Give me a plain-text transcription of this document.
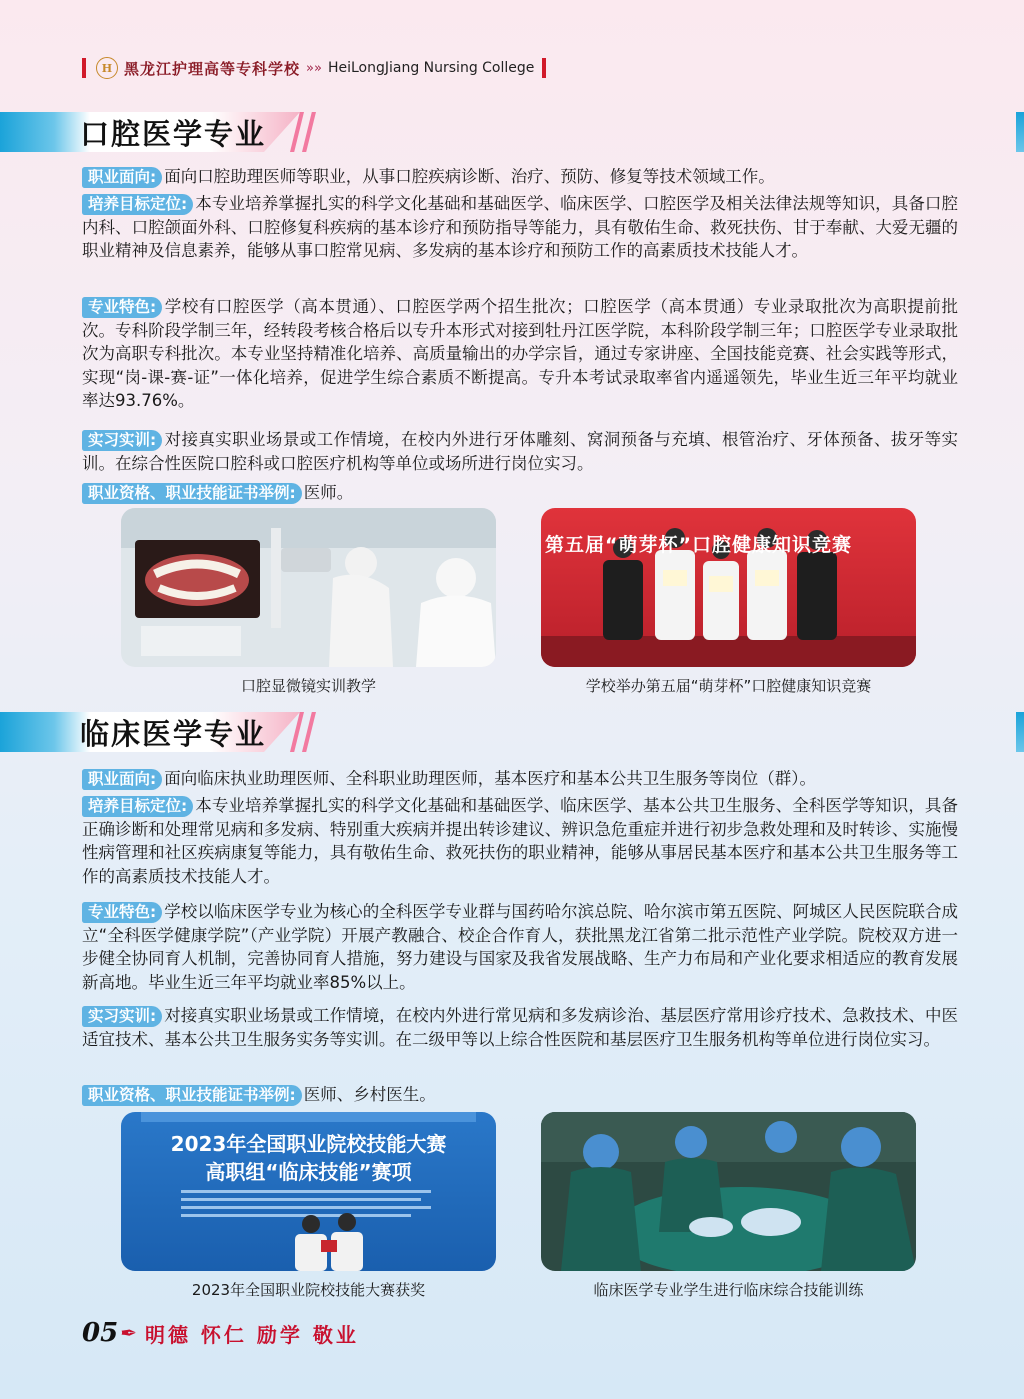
H 黑龙江护理高等专科学校 »» HeiLongJiang Nursing College
口腔医学专业
职业面向: 面向口腔助理医师等职业，从事口腔疾病诊断、治疗、预防、修复等技术领域工作。
培养目标定位: 本专业培养掌握扎实的科学文化基础和基础医学、临床医学、口腔医学及相关法律法规等知识，具备口腔内科、口腔颌面外科、口腔修复科疾病的基本诊疗和预防指导等能力，具有敬佑生命、救死扶伤、甘于奉献、大爱无疆的职业精神及信息素养，能够从事口腔常见病、多发病的基本诊疗和预防工作的高素质技术技能人才。
专业特色: 学校有口腔医学（高本贯通）、口腔医学两个招生批次；口腔医学（高本贯通）专业录取批次为高职提前批次。专科阶段学制三年，经转段考核合格后以专升本形式对接到牡丹江医学院，本科阶段学制三年；口腔医学专业录取批次为高职专科批次。本专业坚持精准化培养、高质量输出的办学宗旨，通过专家讲座、全国技能竞赛、社会实践等形式，实现“岗-课-赛-证”一体化培养，促进学生综合素质不断提高。专升本考试录取率省内遥遥领先，毕业生近三年平均就业率达93.76%。
实习实训: 对接真实职业场景或工作情境，在校内外进行牙体雕刻、窝洞预备与充填、根管治疗、牙体预备、拔牙等实训。在综合性医院口腔科或口腔医疗机构等单位或场所进行岗位实习。
职业资格、职业技能证书举例: 医师。
第五届“萌芽杯”口腔健康知识竞赛
口腔显微镜实训教学	学校举办第五届“萌芽杯”口腔健康知识竞赛
临床医学专业
职业面向: 面向临床执业助理医师、全科职业助理医师，基本医疗和基本公共卫生服务等岗位（群）。
培养目标定位: 本专业培养掌握扎实的科学文化基础和基础医学、临床医学、基本公共卫生服务、全科医学等知识，具备正确诊断和处理常见病和多发病、特别重大疾病并提出转诊建议、辨识急危重症并进行初步急救处理和及时转诊、实施慢性病管理和社区疾病康复等能力，具有敬佑生命、救死扶伤的职业精神，能够从事居民基本医疗和基本公共卫生服务等工作的高素质技术技能人才。
专业特色: 学校以临床医学专业为核心的全科医学专业群与国药哈尔滨总院、哈尔滨市第五医院、阿城区人民医院联合成立“全科医学健康学院”（产业学院）开展产教融合、校企合作育人，获批黑龙江省第二批示范性产业学院。院校双方进一步健全协同育人机制，完善协同育人措施，努力建设与国家及我省发展战略、生产力布局和产业化要求相适应的教育发展新高地。毕业生近三年平均就业率85%以上。
实习实训: 对接真实职业场景或工作情境，在校内外进行常见病和多发病诊治、基层医疗常用诊疗技术、急救技术、中医适宜技术、基本公共卫生服务实务等实训。在二级甲等以上综合性医院和基层医疗卫生服务机构等单位进行岗位实习。
职业资格、职业技能证书举例: 医师、乡村医生。
2023年全国职业院校技能大赛
高职组“临床技能”赛项
2023年全国职业院校技能大赛获奖	临床医学专业学生进行临床综合技能训练
05 ✒ 明德 怀仁 励学 敬业
